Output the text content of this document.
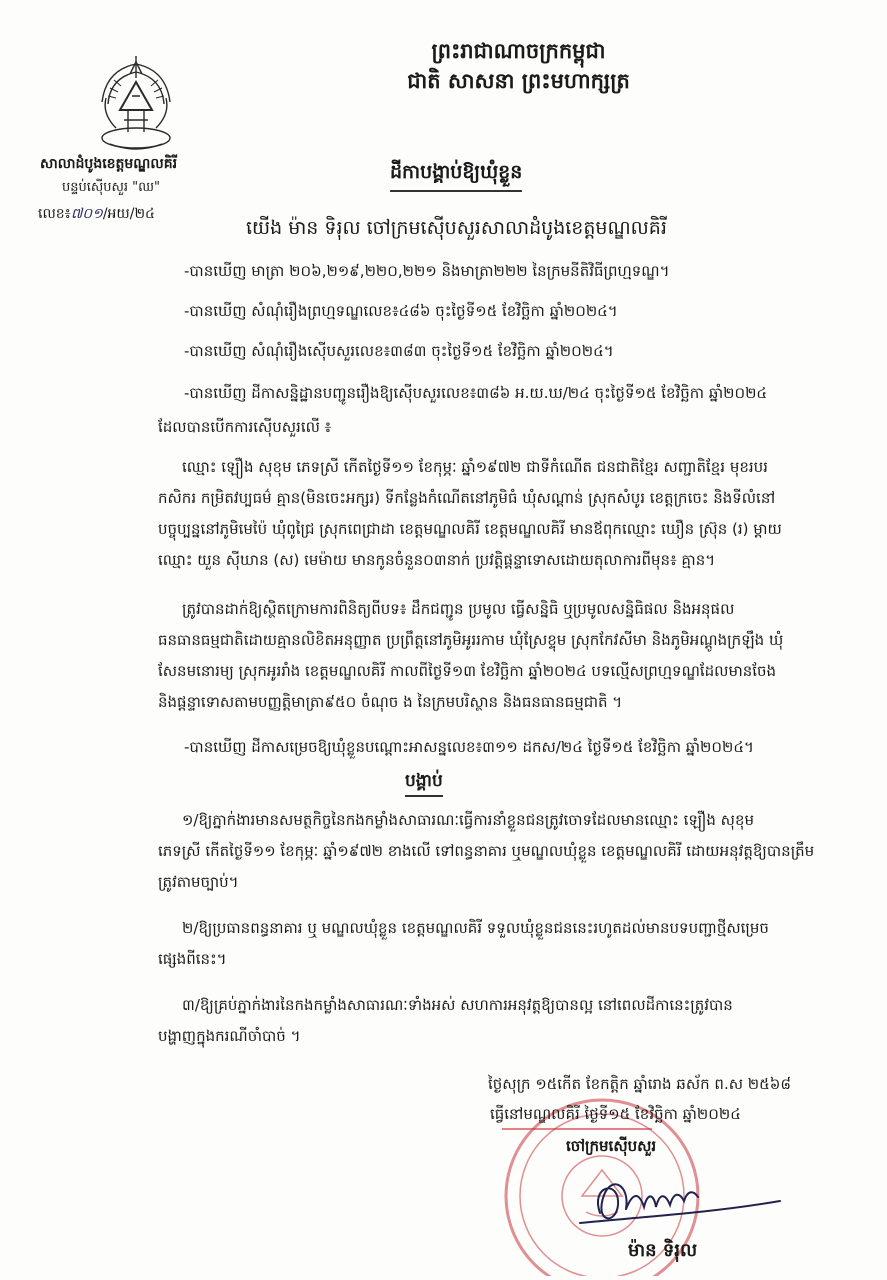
ព្រះរាជាណាចក្រកម្ពុជា
ជាតិ សាសនា ព្រះមហាក្សត្រ
សាលាដំបូងខេត្តមណ្ឌលគិរី
បន្ទប់ស៊ើបសួរ "ឈ"
លេខ៖៧០១/អយ/២៤
ដីកាបង្គាប់ឱ្យឃុំខ្លួន
យើង ម៉ាន ទិរុល ចៅក្រមស៊ើបសួរសាលាដំបូងខេត្តមណ្ឌលគិរី
-បានឃើញ មាត្រា ២០៦,២១៩,២២០,២២១ និងមាត្រា២២២ នៃក្រមនីតិវិធីព្រហ្មទណ្ឌ។
-បានឃើញ សំណុំរឿងព្រហ្មទណ្ឌលេខ៖៤៨៦ ចុះថ្ងៃទី១៥ ខែវិច្ឆិកា ឆ្នាំ២០២៤។
-បានឃើញ សំណុំរឿងស៊ើបសួរលេខ៖៣៨៣ ចុះថ្ងៃទី១៥ ខែវិច្ឆិកា ឆ្នាំ២០២៤។
-បានឃើញ ដីកាសន្និដ្ឋានបញ្ជូនរឿងឱ្យស៊ើបសួរលេខ៖៣៨៦ អ.យ.ឃ/២៤ ចុះថ្ងៃទី១៥ ខែវិច្ឆិកា ឆ្នាំ២០២៤
ដែលបានបើកការស៊ើបសួរលើ ៖
ឈ្មោះ ឡឿង សុខុម ភេទស្រី កើតថ្ងៃទី១១ ខែកុម្ភៈ ឆ្នាំ១៩៧២ ជាទីកំណើត ជនជាតិខ្មែរ សញ្ជាតិខ្មែរ មុខរបរ
កសិករ កម្រិតវប្បធម៌ គ្មាន(មិនចេះអក្សរ) ទីកន្លែងកំណើតនៅភូមិធំ ឃុំសណ្ដាន់ ស្រុកសំបូរ ខេត្តក្រចេះ និងទីលំនៅ
បច្ចុប្បន្ននៅភូមិមេប៉ៃ ឃុំពូជ្រៃ ស្រុកពេជ្រាដា ខេត្តមណ្ឌលគិរី ខេត្តមណ្ឌលគិរី មានឪពុកឈ្មោះ ឃឿន ស្រ៊ុន (រ) ម្ដាយ
ឈ្មោះ យួន ស៊ីឃាន (ស) មេម៉ាយ មានកូនចំនួន០៣នាក់ ប្រវត្តិផ្ដន្ទាទោសដោយតុលាការពីមុន៖ គ្មាន។
ត្រូវបានដាក់ឱ្យស្ថិតក្រោមការពិនិត្យពីបទ៖ ដឹកជញ្ជូន ប្រមូល ធ្វើសន្និធិ ឬប្រមូលសន្និធិផល និងអនុផល
ធនធានធម្មជាតិដោយគ្មានលិខិតអនុញ្ញាត ប្រព្រឹត្តនៅភូមិអូររកាម ឃុំស្រែខ្ទុម ស្រុកកែវសីមា និងភូមិអណ្ដូងក្រឡឹង ឃុំ
សែនមនោរម្យ ស្រុកអូររាំង ខេត្តមណ្ឌលគិរី កាលពីថ្ងៃទី១៣ ខែវិច្ឆិកា ឆ្នាំ២០២៤ បទល្មើសព្រហ្មទណ្ឌដែលមានចែង
និងផ្ដន្ទាទោសតាមបញ្ញត្តិមាត្រា៩៥០ ចំណុច ង នៃក្រមបរិស្ថាន និងធនធានធម្មជាតិ ។
-បានឃើញ ដីកាសម្រេចឱ្យឃុំខ្លួនបណ្ដោះអាសន្នលេខ៖៣១១ ដកស/២៤ ថ្ងៃទី១៥ ខែវិច្ឆិកា ឆ្នាំ២០២៤។
បង្គាប់
១/ឱ្យភ្នាក់ងារមានសមត្ថកិច្ចនៃកងកម្លាំងសាធារណៈធ្វើការនាំខ្លួនជនត្រូវចោទដែលមានឈ្មោះ ឡឿង សុខុម
ភេទស្រី កើតថ្ងៃទី១១ ខែកុម្ភៈ ឆ្នាំ១៩៧២ ខាងលើ ទៅពន្ធនាគារ ឬមណ្ឌលឃុំខ្លួន ខេត្តមណ្ឌលគិរី ដោយអនុវត្តឱ្យបានត្រឹម
ត្រូវតាមច្បាប់។
២/ឱ្យប្រធានពន្ធនាគារ ឬ មណ្ឌលឃុំខ្លួន ខេត្តមណ្ឌលគិរី ទទួលឃុំខ្លួនជននេះរហូតដល់មានបទបញ្ជាថ្មីសម្រេច
ផ្សេងពីនេះ។
៣/ឱ្យគ្រប់ភ្នាក់ងារនៃកងកម្លាំងសាធារណៈទាំងអស់ សហការអនុវត្តឱ្យបានល្អ នៅពេលដីកានេះត្រូវបាន
បង្ហាញក្នុងករណីចាំបាច់ ។
ថ្ងៃសុក្រ ១៥កើត ខែកត្តិក ឆ្នាំរោង ឆស័ក ព.ស ២៥៦៨
ធ្វើនៅមណ្ឌលគិរី ថ្ងៃទី១៥ ខែវិច្ឆិកា ឆ្នាំ២០២៤
ចៅក្រមស៊ើបសួរ
ម៉ាន ទិរុល
